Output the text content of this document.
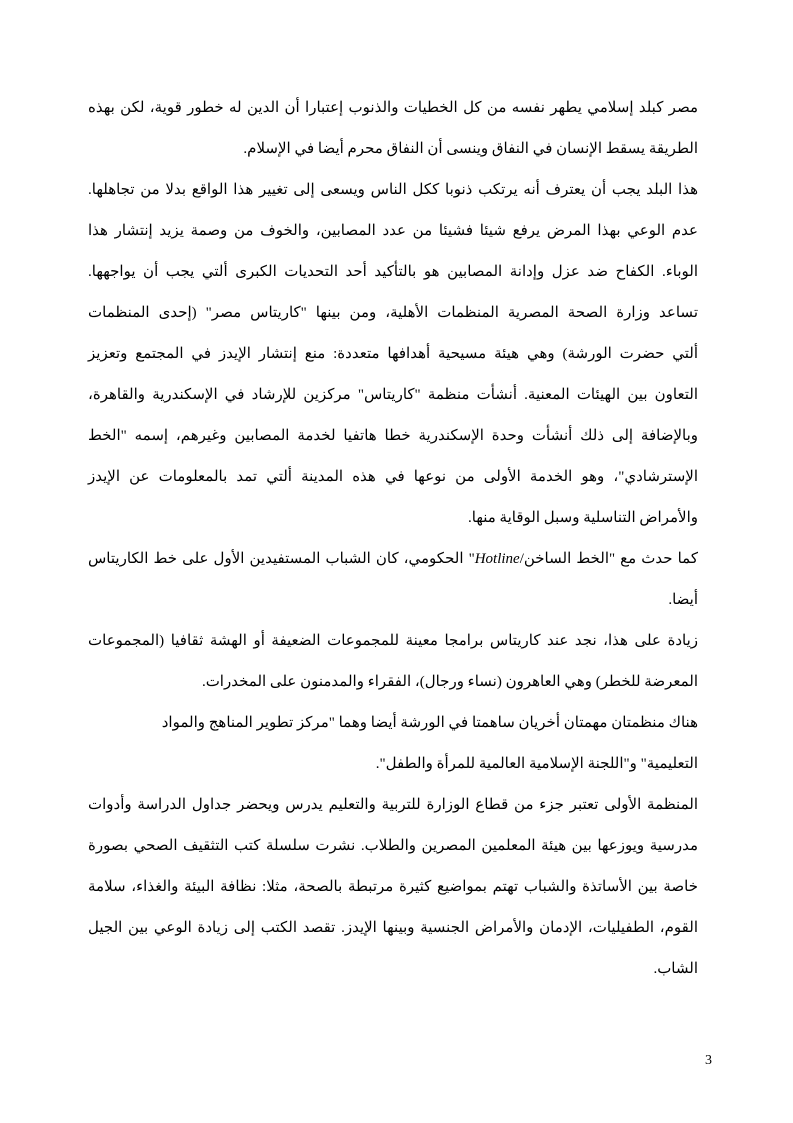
مصر كبلد إسلامي يطهر نفسه من كل الخطيات والذنوب إعتبارا أن الدين له خطور قوية، لكن بهذه
الطريقة يسقط الإنسان في النفاق وينسى أن النفاق محرم أيضا في الإسلام.
هذا البلد يجب أن يعترف أنه يرتكب ذنوبا ككل الناس ويسعى إلى تغيير هذا الواقع بدلا من تجاهلها.
عدم الوعي بهذا المرض يرفع شيئا فشيئا من عدد المصابين، والخوف من وصمة يزيد إنتشار هذا
الوباء. الكفاح ضد عزل وإدانة المصابين هو بالتأكيد أحد التحديات الكبرى ألتي يجب أن يواجهها.
تساعد وزارة الصحة المصرية المنظمات الأهلية، ومن بينها "كاريتاس مصر" (إحدى المنظمات
ألتي حضرت الورشة) وهي هيئة مسيحية أهدافها متعددة: منع إنتشار الإيدز في المجتمع وتعزيز
التعاون بين الهيئات المعنية. أنشأت منظمة "كاريتاس" مركزين للإرشاد في الإسكندرية والقاهرة،
وبالإضافة إلى ذلك أنشأت وحدة الإسكندرية خطا هاتفيا لخدمة المصابين وغيرهم، إسمه "الخط
الإسترشادي"، وهو الخدمة الأولى من نوعها في هذه المدينة ألتي تمد بالمعلومات عن الإيدز
والأمراض التناسلية وسبل الوقاية منها.
كما حدث مع "الخط الساخن/Hotline" الحكومي، كان الشباب المستفيدين الأول على خط الكاريتاس
أيضا.
زيادة على هذا، نجد عند كاريتاس برامجا معينة للمجموعات الضعيفة أو الهشة ثقافيا (المجموعات
المعرضة للخطر) وهي العاهرون (نساء ورجال)، الفقراء والمدمنون على المخدرات.
هناك منظمتان مهمتان أخريان ساهمتا في الورشة أيضا وهما "مركز تطوير المناهج والمواد
التعليمية" و"اللجنة الإسلامية العالمية للمرأة والطفل".
المنظمة الأولى تعتبر جزء من قطاع الوزارة للتربية والتعليم يدرس ويحضر جداول الدراسة وأدوات
مدرسية ويوزعها بين هيئة المعلمين المصرين والطلاب. نشرت سلسلة كتب التثقيف الصحي بصورة
خاصة بين الأساتذة والشباب تهتم بمواضيع كثيرة مرتبطة بالصحة، مثلا: نظافة البيئة والغذاء، سلامة
القوم، الطفيليات، الإدمان والأمراض الجنسية وبينها الإيدز. تقصد الكتب إلى زيادة الوعي بين الجيل
الشاب.
3
